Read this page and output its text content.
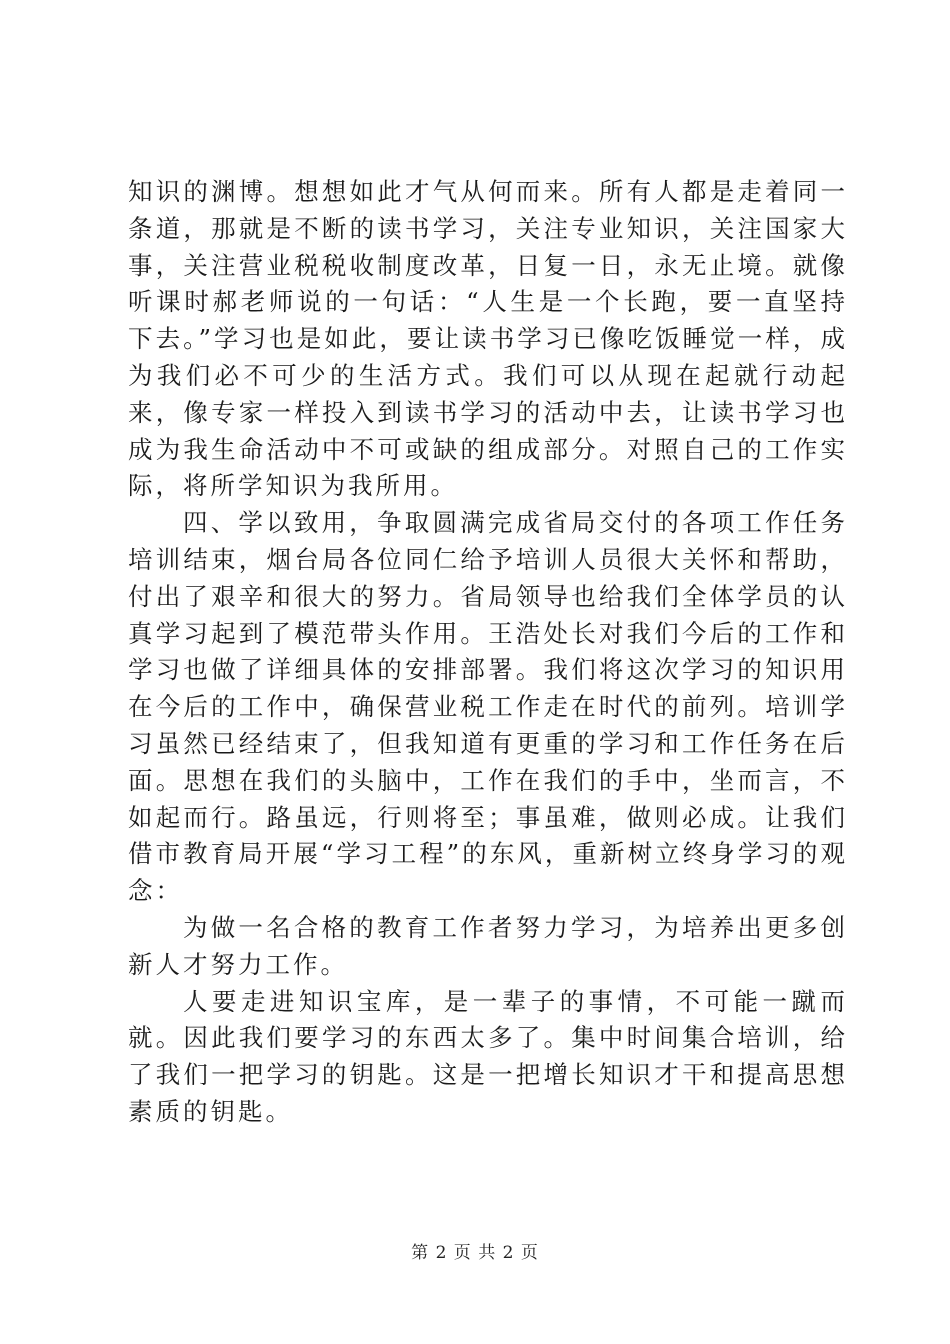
知识的渊博。想想如此才气从何而来。所有人都是走着同一条道，那就是不断的读书学习，关注专业知识，关注国家大事，关注营业税税收制度改革，日复一日，永无止境。就像听课时郝老师说的一句话：“人生是一个长跑，要一直坚持下去。”学习也是如此，要让读书学习已像吃饭睡觉一样，成为我们必不可少的生活方式。我们可以从现在起就行动起来，像专家一样投入到读书学习的活动中去，让读书学习也成为我生命活动中不可或缺的组成部分。对照自己的工作实际，将所学知识为我所用。

四、学以致用，争取圆满完成省局交付的各项工作任务培训结束，烟台局各位同仁给予培训人员很大关怀和帮助，付出了艰辛和很大的努力。省局领导也给我们全体学员的认真学习起到了模范带头作用。王浩处长对我们今后的工作和学习也做了详细具体的安排部署。我们将这次学习的知识用在今后的工作中，确保营业税工作走在时代的前列。培训学习虽然已经结束了，但我知道有更重的学习和工作任务在后面。思想在我们的头脑中，工作在我们的手中，坐而言，不如起而行。路虽远，行则将至；事虽难，做则必成。让我们借市教育局开展“学习工程”的东风，重新树立终身学习的观念：

为做一名合格的教育工作者努力学习，为培养出更多创新人才努力工作。

人要走进知识宝库，是一辈子的事情，不可能一蹴而就。因此我们要学习的东西太多了。集中时间集合培训，给了我们一把学习的钥匙。这是一把增长知识才干和提高思想素质的钥匙。

第 2 页 共 2 页
